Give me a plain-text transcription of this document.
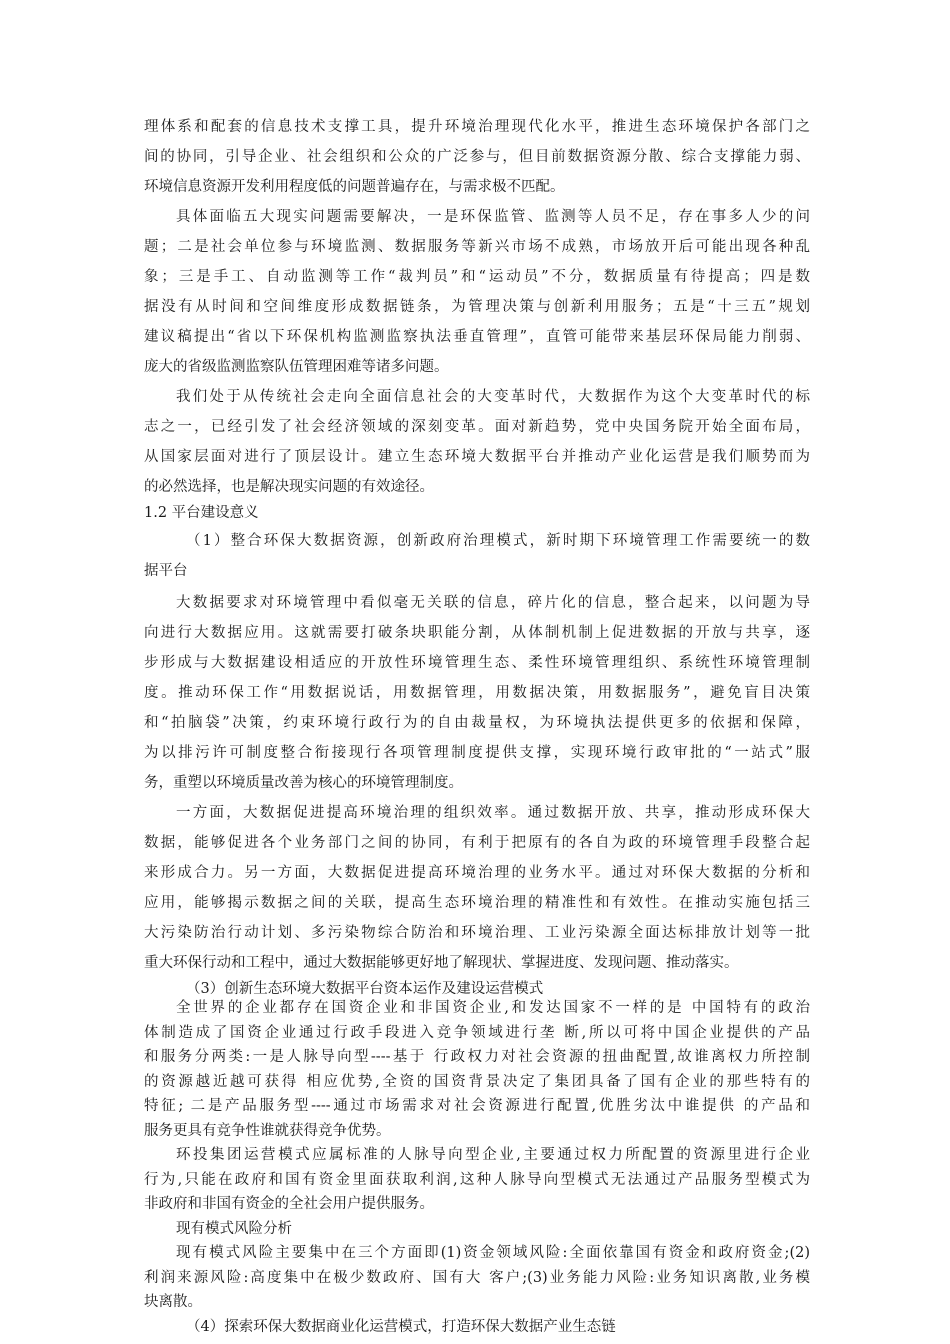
理体系和配套的信息技术支撑工具，提升环境治理现代化水平，推进生态环境保护各部门之
间的协同，引导企业、社会组织和公众的广泛参与，但目前数据资源分散、综合支撑能力弱、
环境信息资源开发利用程度低的问题普遍存在，与需求极不匹配。
具体面临五大现实问题需要解决，一是环保监管、监测等人员不足，存在事多人少的问
题；二是社会单位参与环境监测、数据服务等新兴市场不成熟，市场放开后可能出现各种乱
象；三是手工、自动监测等工作“裁判员”和“运动员”不分，数据质量有待提高；四是数
据没有从时间和空间维度形成数据链条，为管理决策与创新利用服务；五是“十三五”规划
建议稿提出“省以下环保机构监测监察执法垂直管理”，直管可能带来基层环保局能力削弱、
庞大的省级监测监察队伍管理困难等诸多问题。
我们处于从传统社会走向全面信息社会的大变革时代，大数据作为这个大变革时代的标
志之一，已经引发了社会经济领域的深刻变革。面对新趋势，党中央国务院开始全面布局，
从国家层面对进行了顶层设计。建立生态环境大数据平台并推动产业化运营是我们顺势而为
的必然选择，也是解决现实问题的有效途径。
1.2 平台建设意义
（1）整合环保大数据资源，创新政府治理模式，新时期下环境管理工作需要统一的数
据平台
大数据要求对环境管理中看似毫无关联的信息，碎片化的信息，整合起来，以问题为导
向进行大数据应用。这就需要打破条块职能分割，从体制机制上促进数据的开放与共享，逐
步形成与大数据建设相适应的开放性环境管理生态、柔性环境管理组织、系统性环境管理制
度。推动环保工作“用数据说话，用数据管理，用数据决策，用数据服务”，避免盲目决策
和“拍脑袋”决策，约束环境行政行为的自由裁量权，为环境执法提供更多的依据和保障，
为以排污许可制度整合衔接现行各项管理制度提供支撑，实现环境行政审批的“一站式”服
务，重塑以环境质量改善为核心的环境管理制度。
一方面，大数据促进提高环境治理的组织效率。通过数据开放、共享，推动形成环保大
数据，能够促进各个业务部门之间的协同，有利于把原有的各自为政的环境管理手段整合起
来形成合力。另一方面，大数据促进提高环境治理的业务水平。通过对环保大数据的分析和
应用，能够揭示数据之间的关联，提高生态环境治理的精准性和有效性。在推动实施包括三
大污染防治行动计划、多污染物综合防治和环境治理、工业污染源全面达标排放计划等一批
重大环保行动和工程中，通过大数据能够更好地了解现状、掌握进度、发现问题、推动落实。
（3）创新生态环境大数据平台资本运作及建设运营模式
全世界的企业都存在国资企业和非国资企业,和发达国家不一样的是 中国特有的政治
体制造成了国资企业通过行政手段进入竞争领域进行垄 断,所以可将中国企业提供的产品
和服务分两类:一是人脉导向型----基于 行政权力对社会资源的扭曲配置,故谁离权力所控制
的资源越近越可获得 相应优势,全资的国资背景决定了集团具备了国有企业的那些特有的
特征; 二是产品服务型----通过市场需求对社会资源进行配置,优胜劣汰中谁提供 的产品和
服务更具有竞争性谁就获得竞争优势。
环投集团运营模式应属标准的人脉导向型企业,主要通过权力所配置的资源里进行企业
行为,只能在政府和国有资金里面获取利润,这种人脉导向型模式无法通过产品服务型模式为
非政府和非国有资金的全社会用户提供服务。
现有模式风险分析
现有模式风险主要集中在三个方面即(1)资金领域风险:全面依靠国有资金和政府资金;(2)
利润来源风险:高度集中在极少数政府、国有大 客户;(3)业务能力风险:业务知识离散,业务模
块离散。
（4）探索环保大数据商业化运营模式，打造环保大数据产业生态链
